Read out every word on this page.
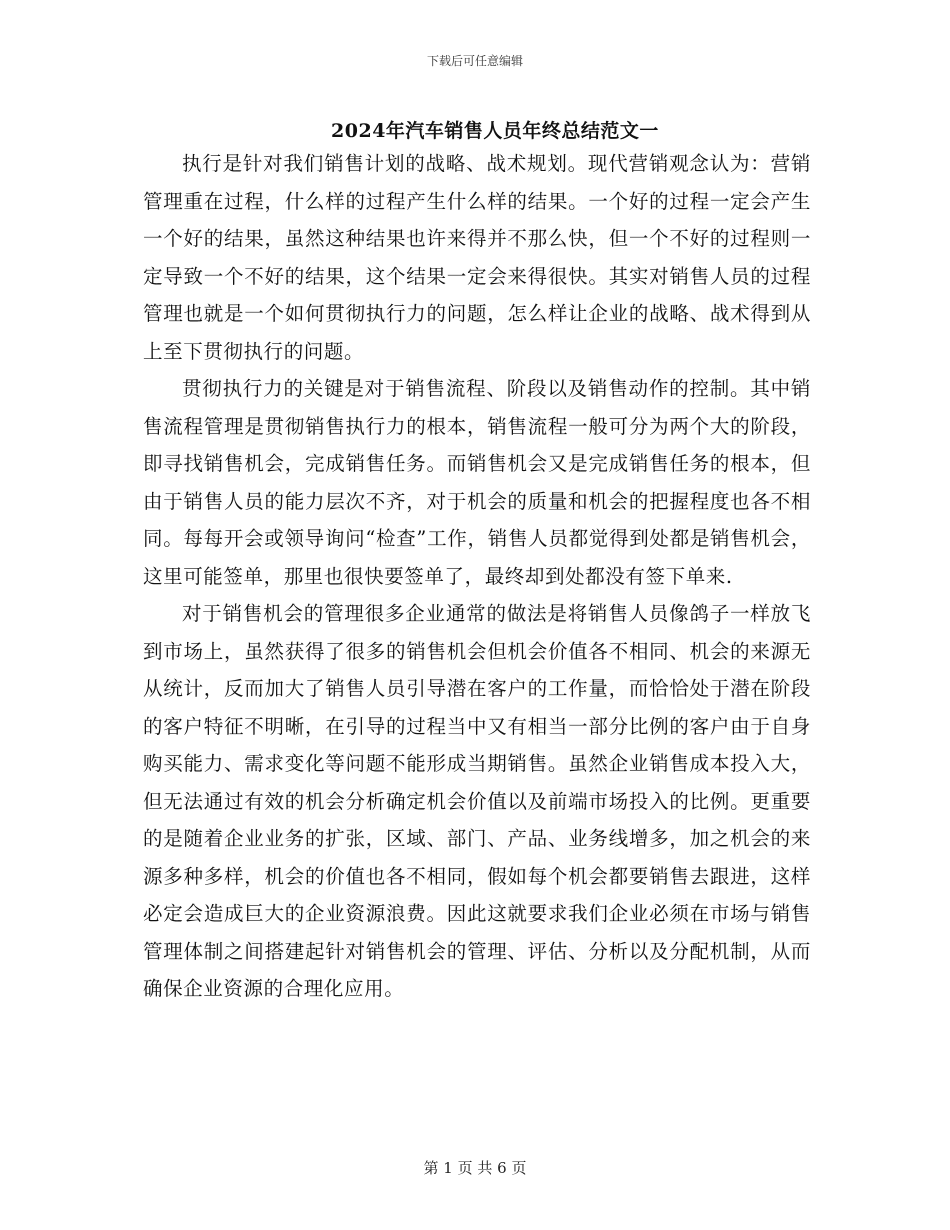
下载后可任意编辑
2024年汽车销售人员年终总结范文一

执行是针对我们销售计划的战略、战术规划。现代营销观念认为：营销管理重在过程，什么样的过程产生什么样的结果。一个好的过程一定会产生一个好的结果，虽然这种结果也许来得并不那么快，但一个不好的过程则一定导致一个不好的结果，这个结果一定会来得很快。其实对销售人员的过程管理也就是一个如何贯彻执行力的问题，怎么样让企业的战略、战术得到从上至下贯彻执行的问题。

贯彻执行力的关键是对于销售流程、阶段以及销售动作的控制。其中销售流程管理是贯彻销售执行力的根本，销售流程一般可分为两个大的阶段，即寻找销售机会，完成销售任务。而销售机会又是完成销售任务的根本，但由于销售人员的能力层次不齐，对于机会的质量和机会的把握程度也各不相同。每每开会或领导询问“检查”工作，销售人员都觉得到处都是销售机会，这里可能签单，那里也很快要签单了，最终却到处都没有签下单来.

对于销售机会的管理很多企业通常的做法是将销售人员像鸽子一样放飞到市场上，虽然获得了很多的销售机会但机会价值各不相同、机会的来源无从统计，反而加大了销售人员引导潜在客户的工作量，而恰恰处于潜在阶段的客户特征不明晰，在引导的过程当中又有相当一部分比例的客户由于自身购买能力、需求变化等问题不能形成当期销售。虽然企业销售成本投入大，但无法通过有效的机会分析确定机会价值以及前端市场投入的比例。更重要的是随着企业业务的扩张，区域、部门、产品、业务线增多，加之机会的来源多种多样，机会的价值也各不相同，假如每个机会都要销售去跟进，这样必定会造成巨大的企业资源浪费。因此这就要求我们企业必须在市场与销售管理体制之间搭建起针对销售机会的管理、评估、分析以及分配机制，从而确保企业资源的合理化应用。

第 1 页 共 6 页
